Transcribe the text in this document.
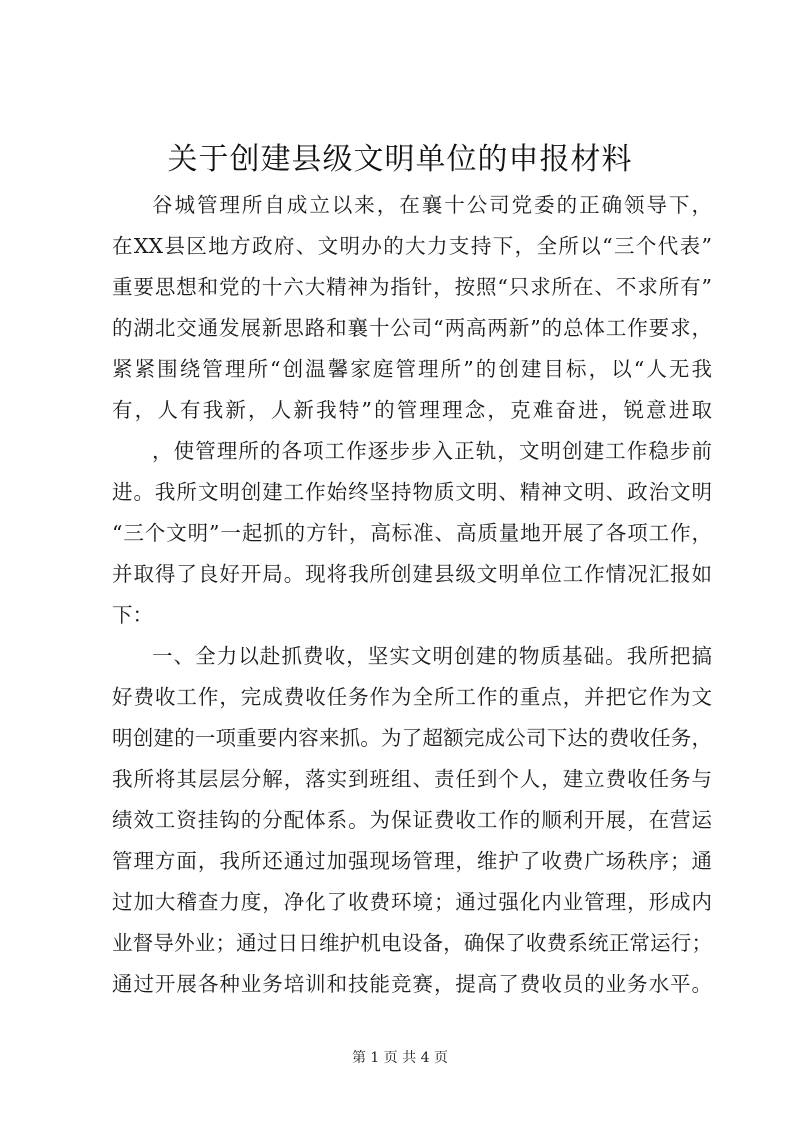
关于创建县级文明单位的申报材料

谷城管理所自成立以来，在襄十公司党委的正确领导下，

在XX县区地方政府、文明办的大力支持下，全所以“三个代表”

重要思想和党的十六大精神为指针，按照“只求所在、不求所有”

的湖北交通发展新思路和襄十公司“两高两新”的总体工作要求，

紧紧围绕管理所“创温馨家庭管理所”的创建目标，以“人无我

有，人有我新，人新我特”的管理理念，克难奋进，锐意进取

，使管理所的各项工作逐步步入正轨，文明创建工作稳步前

进。我所文明创建工作始终坚持物质文明、精神文明、政治文明

“三个文明”一起抓的方针，高标准、高质量地开展了各项工作，

并取得了良好开局。现将我所创建县级文明单位工作情况汇报如

下：

一、全力以赴抓费收，坚实文明创建的物质基础。我所把搞

好费收工作，完成费收任务作为全所工作的重点，并把它作为文

明创建的一项重要内容来抓。为了超额完成公司下达的费收任务，

我所将其层层分解，落实到班组、责任到个人，建立费收任务与

绩效工资挂钩的分配体系。为保证费收工作的顺利开展，在营运

管理方面，我所还通过加强现场管理，维护了收费广场秩序；通

过加大稽查力度，净化了收费环境；通过强化内业管理，形成内

业督导外业；通过日日维护机电设备，确保了收费系统正常运行；

通过开展各种业务培训和技能竞赛，提高了费收员的业务水平。

第 1 页 共 4 页
